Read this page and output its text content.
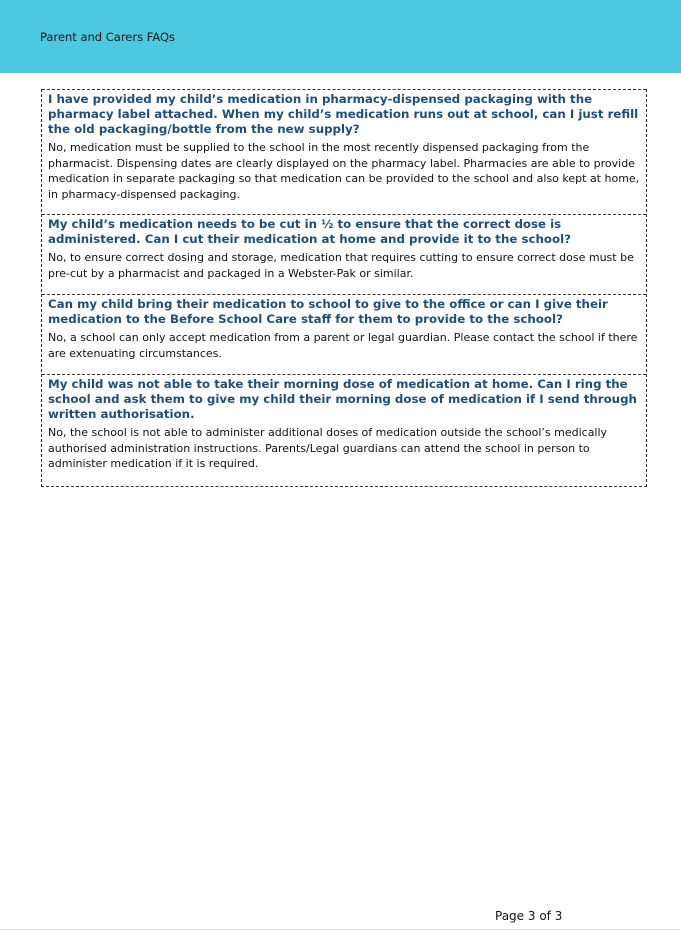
Parent and Carers FAQs

I have provided my child’s medication in pharmacy-dispensed packaging with the pharmacy label attached. When my child’s medication runs out at school, can I just refill the old packaging/bottle from the new supply?

No, medication must be supplied to the school in the most recently dispensed packaging from the pharmacist. Dispensing dates are clearly displayed on the pharmacy label. Pharmacies are able to provide medication in separate packaging so that medication can be provided to the school and also kept at home, in pharmacy-dispensed packaging.

My child’s medication needs to be cut in ½ to ensure that the correct dose is administered. Can I cut their medication at home and provide it to the school?

No, to ensure correct dosing and storage, medication that requires cutting to ensure correct dose must be pre-cut by a pharmacist and packaged in a Webster-Pak or similar.

Can my child bring their medication to school to give to the office or can I give their medication to the Before School Care staff for them to provide to the school?

No, a school can only accept medication from a parent or legal guardian. Please contact the school if there are extenuating circumstances.

My child was not able to take their morning dose of medication at home. Can I ring the school and ask them to give my child their morning dose of medication if I send through written authorisation.

No, the school is not able to administer additional doses of medication outside the school’s medically authorised administration instructions. Parents/Legal guardians can attend the school in person to administer medication if it is required.

Page 3 of 3
